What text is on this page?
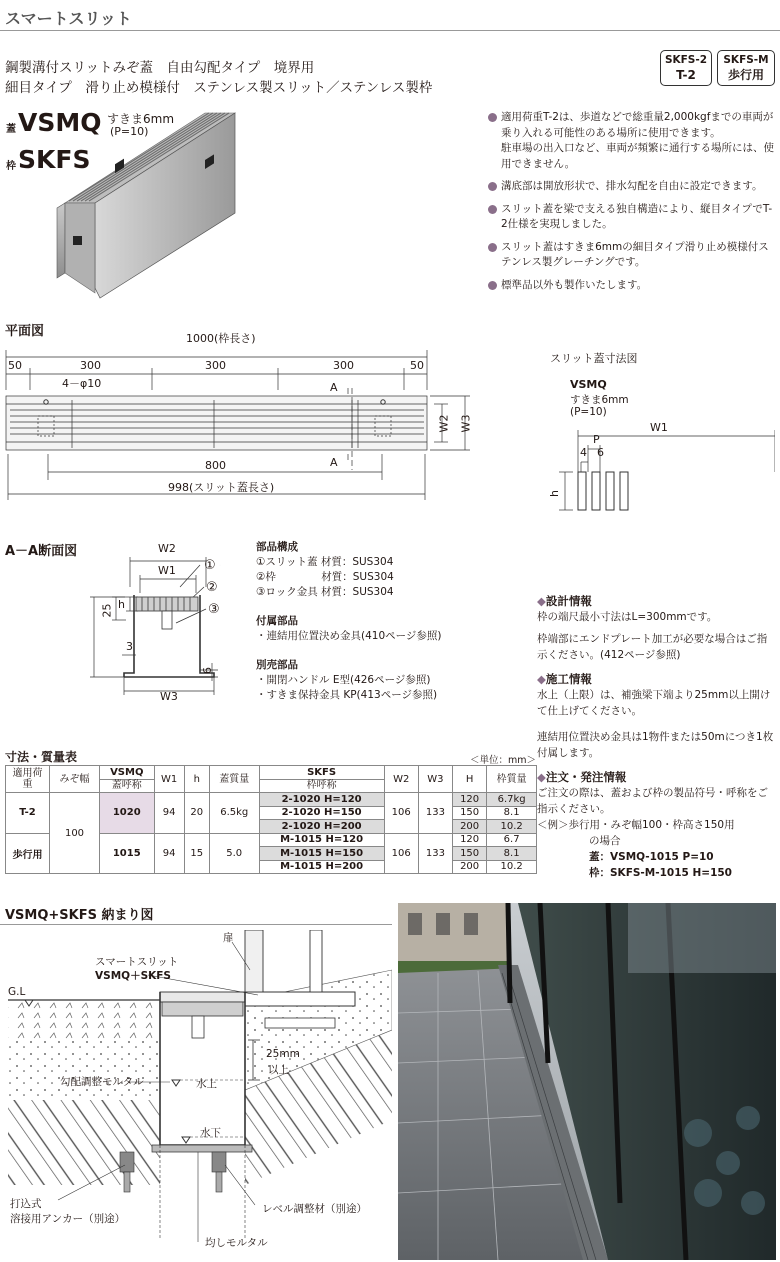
スマートスリット
鋼製溝付スリットみぞ蓋　自由勾配タイプ　境界用
細目タイプ　滑り止め模様付　ステンレス製スリット／ステンレス製枠
SKFS-2
T-2
SKFS-M
歩行用
蓋 VSMQ すきま6mm
(P=10)
枠 SKFS
適用荷重T-2は、歩道などで総重量2,000kgfまでの車両が乗り入れる可能性のある場所に使用できます。
駐車場の出入口など、車両が頻繁に通行する場所には、使用できません。
溝底部は開放形状で、排水勾配を自由に設定できます。
スリット蓋を梁で支える独自構造により、縦目タイプでT-2仕様を実現しました。
スリット蓋はすきま6mmの細目タイプ滑り止め模様付ステンレス製グレーチングです。
標準品以外も製作いたします。
平面図	1000(枠長さ)
50	300	300	300	50
4－φ10	A
A
W2 W3
800
998(スリット蓋長さ)
スリット蓋寸法図
VSMQ
すきま6mm
(P=10)
W1
P
4 6
h
A－A断面図	W2
W1 ①
②
③
25 h
3
6
W3
部品構成
①スリット蓋 材質：SUS304
②枠　　　　 材質：SUS304
③ロック金具 材質：SUS304
付属部品
・連結用位置決め金具(410ページ参照)
別売部品
・開閉ハンドル E型(426ページ参照)
・すきま保持金具 KP(413ページ参照)
寸法・質量表	＜単位：mm＞
適用荷重	みぞ幅	VSMQ	W1	h	蓋質量	SKFS	W2	W3	H	枠質量
		蓋呼称				枠呼称				
T-2	100	1020	94	20	6.5kg	2-1020 H=120	106	133	120	6.7kg
						2-1020 H=150			150	8.1
						2-1020 H=200			200	10.2
歩行用		1015	94	15	5.0	M-1015 H=120	106	133	120	6.7
						M-1015 H=150			150	8.1
						M-1015 H=200			200	10.2
◆設計情報
枠の端尺最小寸法はL=300mmです。
枠端部にエンドプレート加工が必要な場合はご指示ください。(412ページ参照)
◆施工情報
水上（上限）は、補強梁下端より25mm以上開けて仕上げてください。
連結用位置決め金具は1物件または50mにつき1枚付属します。
◆注文・発注情報
ご注文の際は、蓋および枠の製品符号・呼称をご指示ください。
＜例＞歩行用・みぞ幅100・枠高さ150用
の場合
蓋：VSMQ-1015 P=10
枠：SKFS-M-1015 H=150
VSMQ+SKFS 納まり図
扉
スマートスリット
VSMQ＋SKFS
G.L
勾配調整モルタル	水上
水下
25mm
以上
打込式
溶接用アンカー（別途）
レベル調整材（別途）
均しモルタル
